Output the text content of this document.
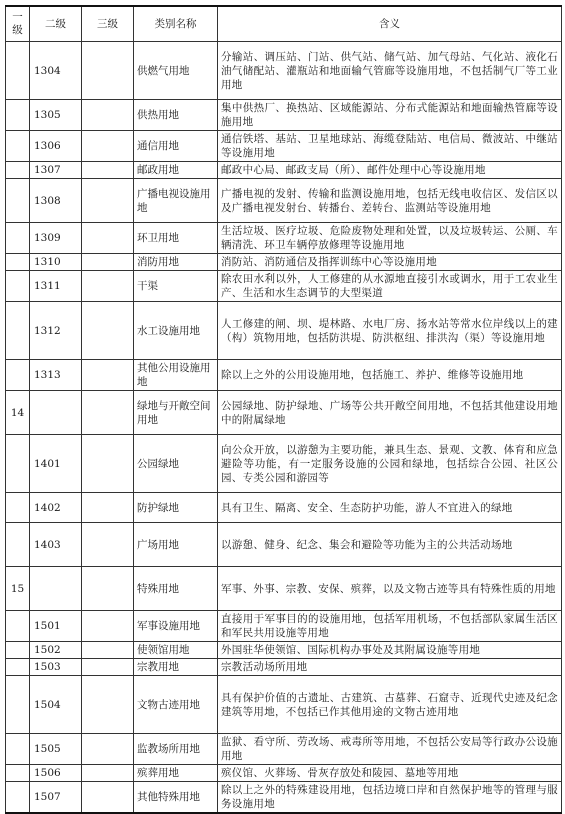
一级	二级	三级	类别名称	含义
	1304		供燃气用地	分输站、调压站、门站、供气站、储气站、加气母站、气化站、液化石油气储配站、灌瓶站和地面输气管廊等设施用地，不包括制气厂等工业用地
	1305		供热用地	集中供热厂、换热站、区域能源站、分布式能源站和地面输热管廊等设施用地
	1306		通信用地	通信铁塔、基站、卫星地球站、海缆登陆站、电信局、微波站、中继站等设施用地
	1307		邮政用地	邮政中心局、邮政支局（所）、邮件处理中心等设施用地
	1308		广播电视设施用地	广播电视的发射、传输和监测设施用地，包括无线电收信区、发信区以及广播电视发射台、转播台、差转台、监测站等设施用地
	1309		环卫用地	生活垃圾、医疗垃圾、危险废物处理和处置，以及垃圾转运、公厕、车辆清洗、环卫车辆停放修理等设施用地
	1310		消防用地	消防站、消防通信及指挥训练中心等设施用地
	1311		干渠	除农田水利以外，人工修建的从水源地直接引水或调水，用于工农业生产、生活和水生态调节的大型渠道
	1312		水工设施用地	人工修建的闸、坝、堤林路、水电厂房、扬水站等常水位岸线以上的建（构）筑物用地，包括防洪堤、防洪枢纽、排洪沟（渠）等设施用地
	1313		其他公用设施用地	除以上之外的公用设施用地，包括施工、养护、维修等设施用地
14			绿地与开敞空间用地	公园绿地、防护绿地、广场等公共开敞空间用地，不包括其他建设用地中的附属绿地
	1401		公园绿地	向公众开放，以游憩为主要功能，兼具生态、景观、文教、体育和应急避险等功能，有一定服务设施的公园和绿地，包括综合公园、社区公园、专类公园和游园等
	1402		防护绿地	具有卫生、隔离、安全、生态防护功能，游人不宜进入的绿地
	1403		广场用地	以游憩、健身、纪念、集会和避险等功能为主的公共活动场地
15			特殊用地	军事、外事、宗教、安保、殡葬，以及文物古迹等具有特殊性质的用地
	1501		军事设施用地	直接用于军事目的的设施用地，包括军用机场，不包括部队家属生活区和军民共用设施等用地
	1502		使领馆用地	外国驻华使领馆、国际机构办事处及其附属设施等用地
	1503		宗教用地	宗教活动场所用地
	1504		文物古迹用地	具有保护价值的古遗址、古建筑、古墓葬、石窟寺、近现代史迹及纪念建筑等用地，不包括已作其他用途的文物古迹用地
	1505		监教场所用地	监狱、看守所、劳改场、戒毒所等用地，不包括公安局等行政办公设施用地
	1506		殡葬用地	殡仪馆、火葬场、骨灰存放处和陵园、墓地等用地
	1507		其他特殊用地	除以上之外的特殊建设用地，包括边境口岸和自然保护地等的管理与服务设施用地
